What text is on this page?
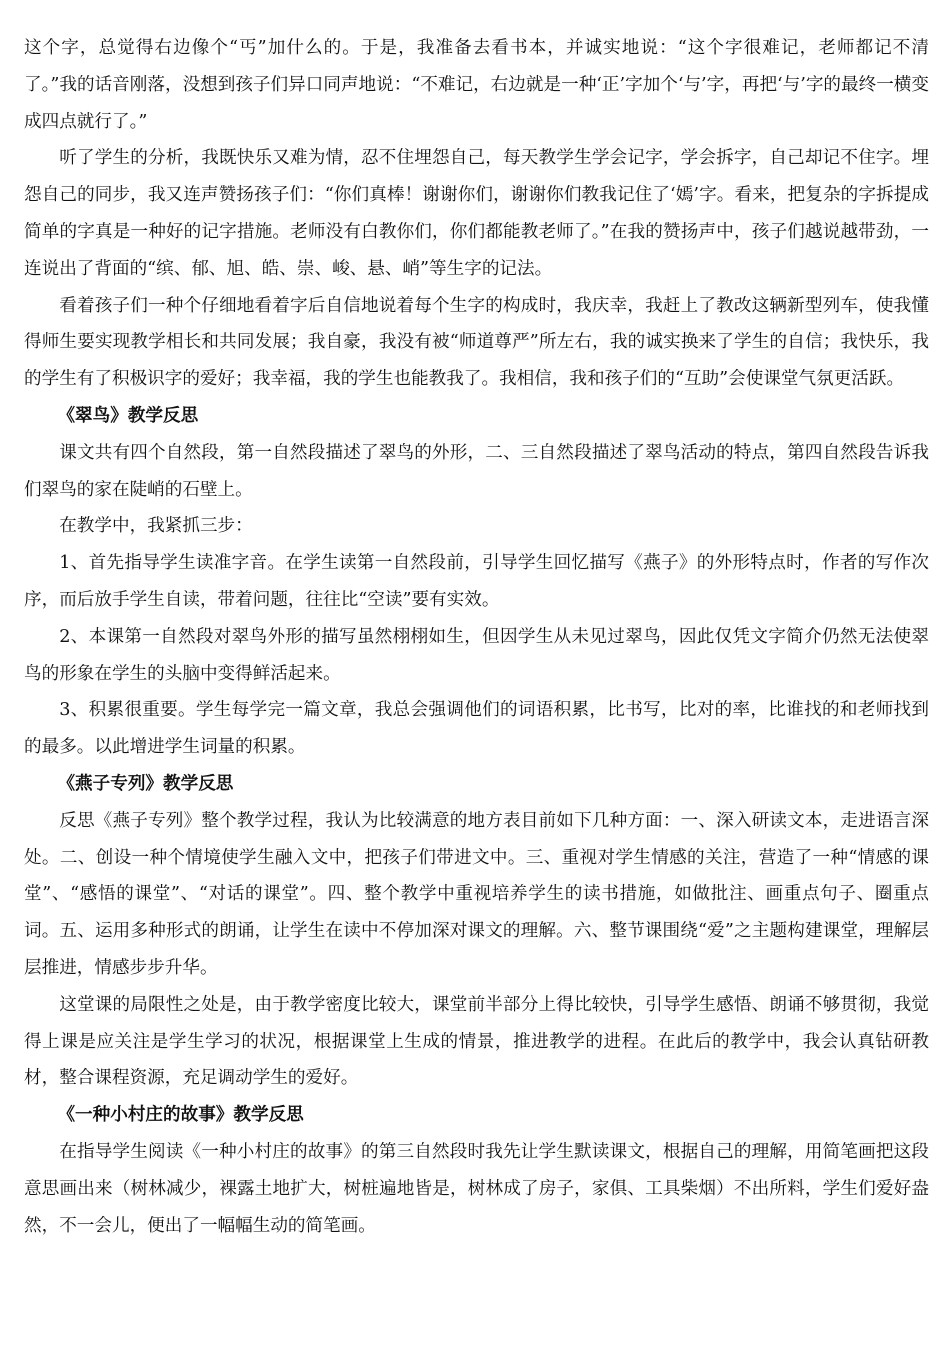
这个字，总觉得右边像个“丐”加什么的。于是，我准备去看书本，并诚实地说：“这个字很难记，老师都记不清了。”我的话音刚落，没想到孩子们异口同声地说：“不难记，右边就是一种‘正’字加个‘与’字，再把‘与’字的最终一横变成四点就行了。”

听了学生的分析，我既快乐又难为情，忍不住埋怨自己，每天教学生学会记字，学会拆字，自己却记不住字。埋怨自己的同步，我又连声赞扬孩子们：“你们真棒！谢谢你们，谢谢你们教我记住了‘嫣’字。看来，把复杂的字拆提成简单的字真是一种好的记字措施。老师没有白教你们，你们都能教老师了。”在我的赞扬声中，孩子们越说越带劲，一连说出了背面的“缤、郁、旭、皓、崇、峻、悬、峭”等生字的记法。

看着孩子们一种个仔细地看着字后自信地说着每个生字的构成时，我庆幸，我赶上了教改这辆新型列车，使我懂得师生要实现教学相长和共同发展；我自豪，我没有被“师道尊严”所左右，我的诚实换来了学生的自信；我快乐，我的学生有了积极识字的爱好；我幸福，我的学生也能教我了。我相信，我和孩子们的“互助”会使课堂气氛更活跃。

《翠鸟》教学反思

课文共有四个自然段，第一自然段描述了翠鸟的外形，二、三自然段描述了翠鸟活动的特点，第四自然段告诉我们翠鸟的家在陡峭的石壁上。

在教学中，我紧抓三步：

1、首先指导学生读准字音。在学生读第一自然段前，引导学生回忆描写《燕子》的外形特点时，作者的写作次序，而后放手学生自读，带着问题，往往比“空读”要有实效。

2、本课第一自然段对翠鸟外形的描写虽然栩栩如生，但因学生从未见过翠鸟，因此仅凭文字简介仍然无法使翠鸟的形象在学生的头脑中变得鲜活起来。

3、积累很重要。学生每学完一篇文章，我总会强调他们的词语积累，比书写，比对的率，比谁找的和老师找到的最多。以此增进学生词量的积累。

《燕子专列》教学反思

反思《燕子专列》整个教学过程，我认为比较满意的地方表目前如下几种方面：一、深入研读文本，走进语言深处。二、创设一种个情境使学生融入文中，把孩子们带进文中。三、重视对学生情感的关注，营造了一种“情感的课堂”、“感悟的课堂”、“对话的课堂”。四、整个教学中重视培养学生的读书措施，如做批注、画重点句子、圈重点词。五、运用多种形式的朗诵，让学生在读中不停加深对课文的理解。六、整节课围绕“爱”之主题构建课堂，理解层层推进，情感步步升华。

这堂课的局限性之处是，由于教学密度比较大，课堂前半部分上得比较快，引导学生感悟、朗诵不够贯彻，我觉得上课是应关注是学生学习的状况，根据课堂上生成的情景，推进教学的进程。在此后的教学中，我会认真钻研教材，整合课程资源，充足调动学生的爱好。

《一种小村庄的故事》教学反思

在指导学生阅读《一种小村庄的故事》的第三自然段时我先让学生默读课文，根据自己的理解，用简笔画把这段意思画出来（树林减少，裸露土地扩大，树桩遍地皆是，树林成了房子，家俱、工具柴烟）不出所料，学生们爱好盎然，不一会儿，便出了一幅幅生动的简笔画。
